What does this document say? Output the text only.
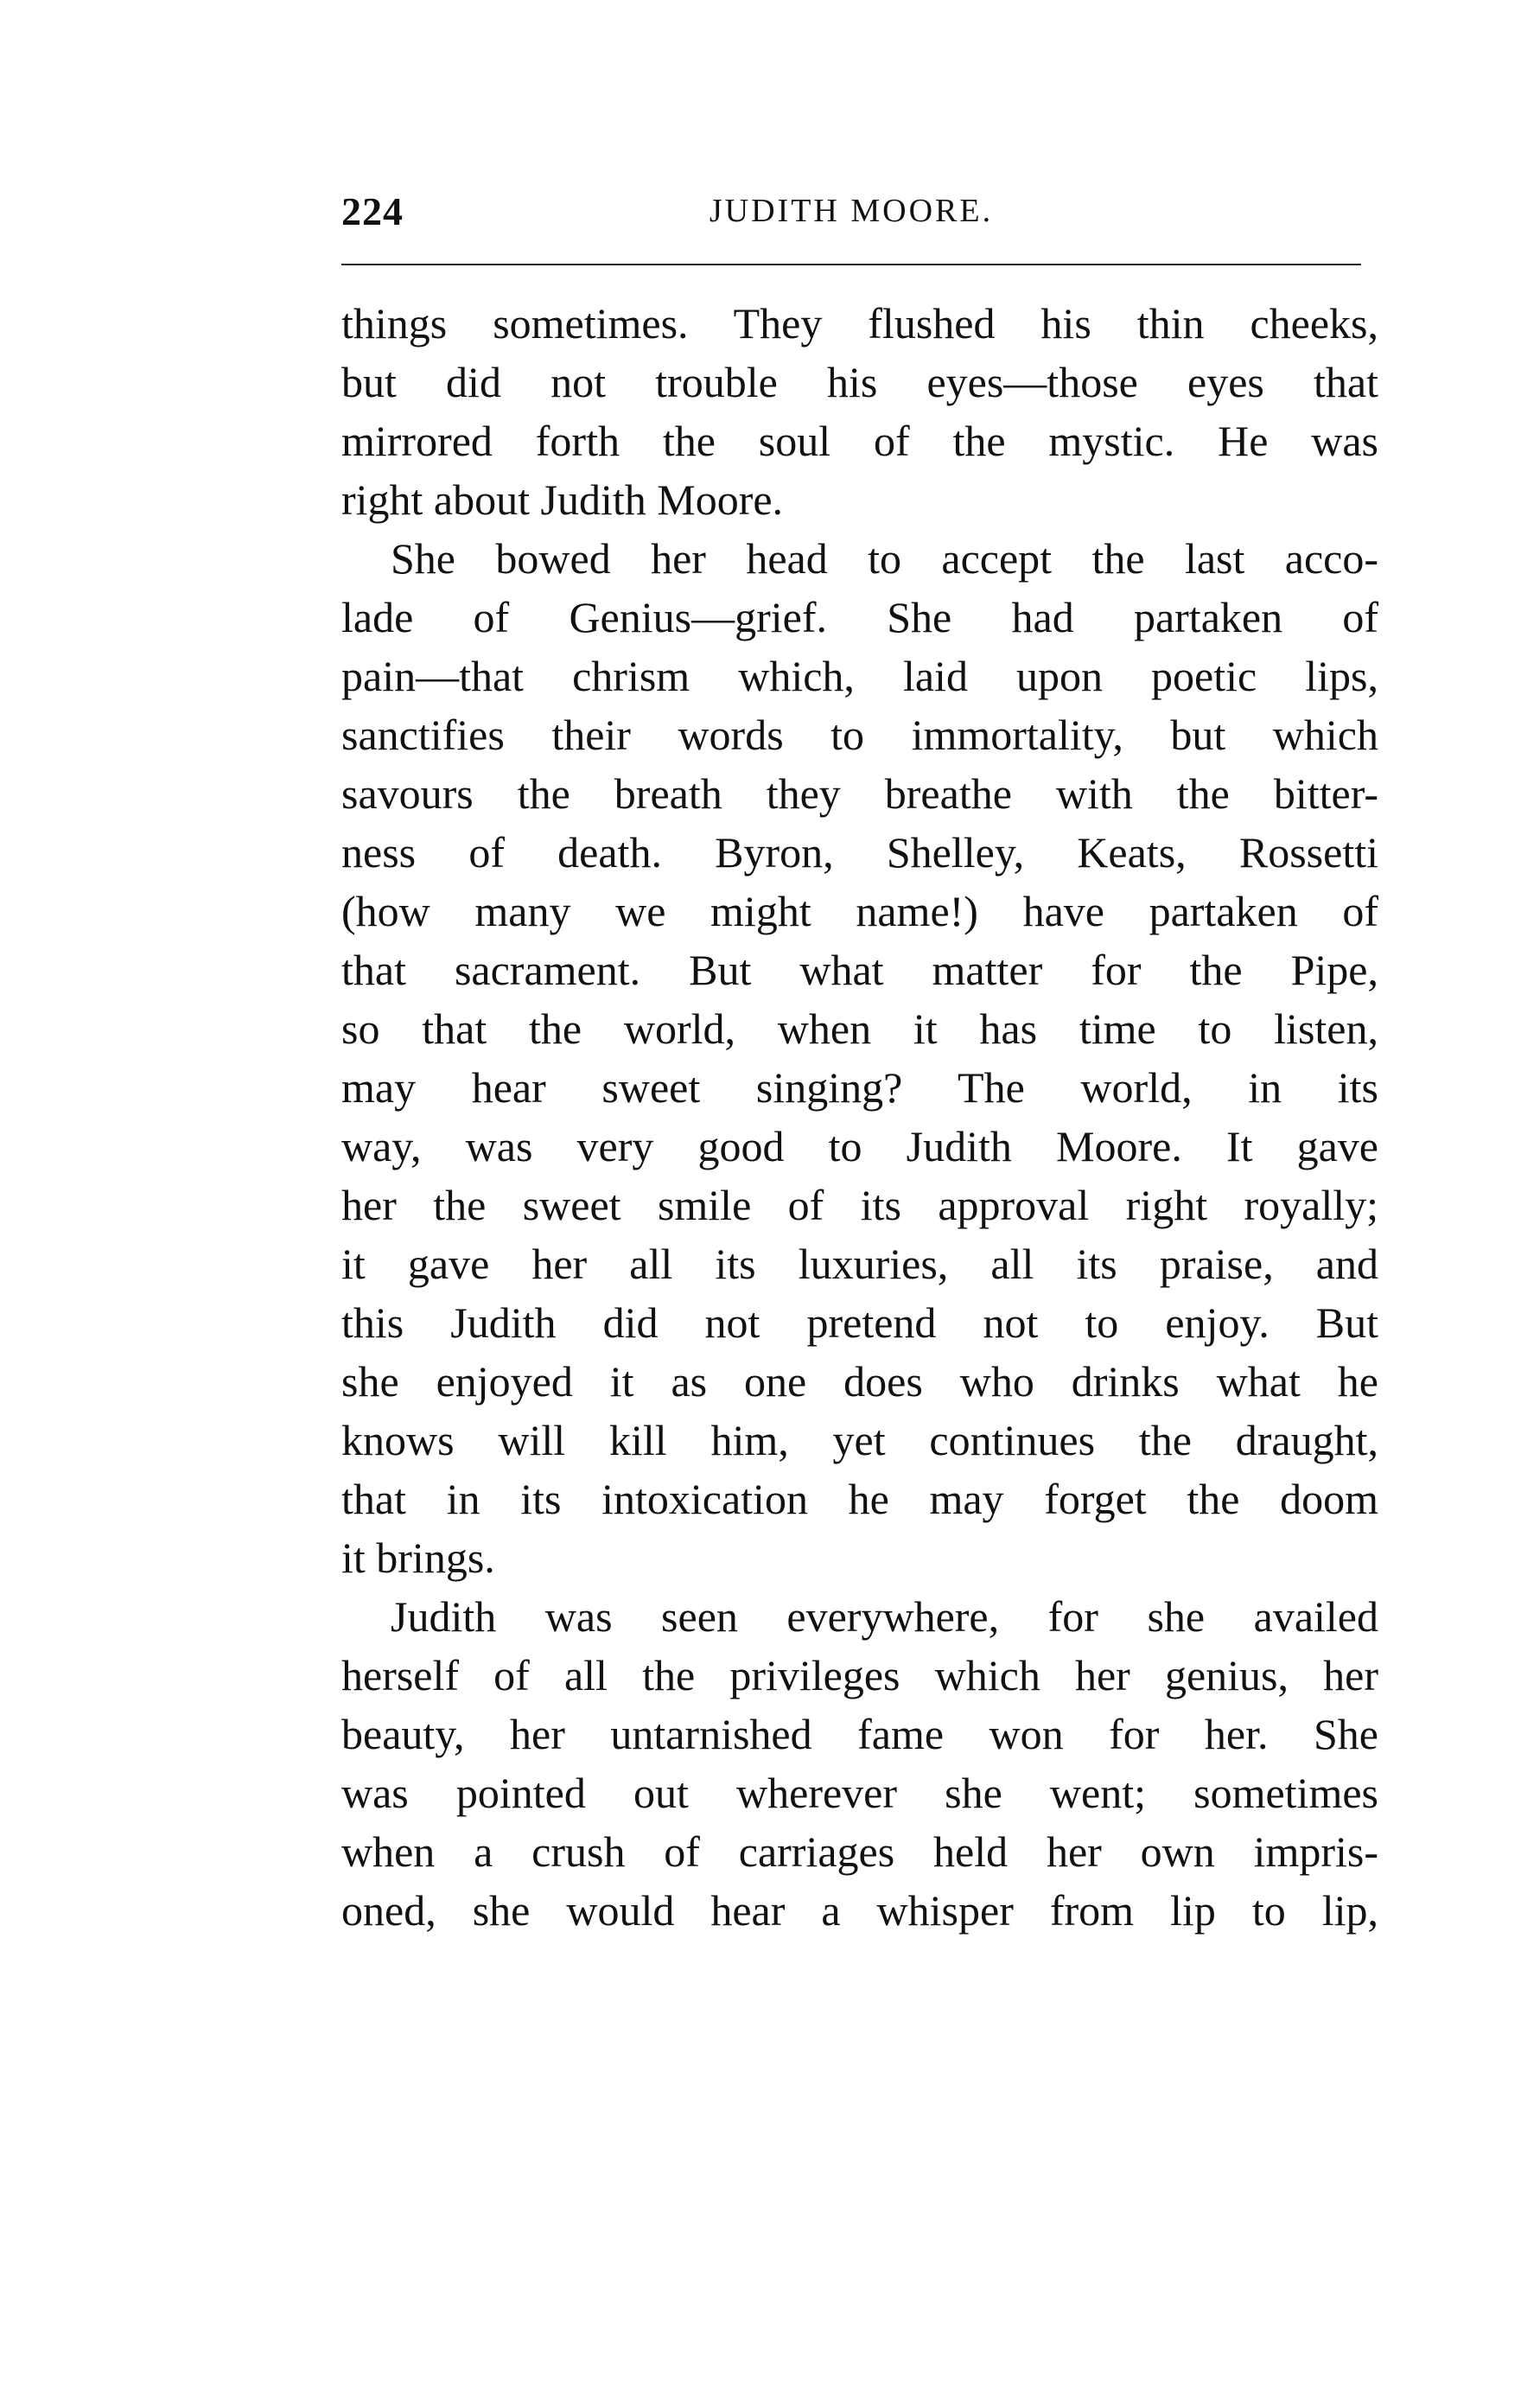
224	JUDITH MOORE.
things sometimes. They flushed his thin cheeks,
but did not trouble his eyes—those eyes that
mirrored forth the soul of the mystic. He was
right about Judith Moore.
She bowed her head to accept the last acco-
lade of Genius—grief. She had partaken of
pain—that chrism which, laid upon poetic lips,
sanctifies their words to immortality, but which
savours the breath they breathe with the bitter-
ness of death. Byron, Shelley, Keats, Rossetti
(how many we might name!) have partaken of
that sacrament. But what matter for the Pipe,
so that the world, when it has time to listen,
may hear sweet singing? The world, in its
way, was very good to Judith Moore. It gave
her the sweet smile of its approval right royally;
it gave her all its luxuries, all its praise, and
this Judith did not pretend not to enjoy. But
she enjoyed it as one does who drinks what he
knows will kill him, yet continues the draught,
that in its intoxication he may forget the doom
it brings.
Judith was seen everywhere, for she availed
herself of all the privileges which her genius, her
beauty, her untarnished fame won for her. She
was pointed out wherever she went; sometimes
when a crush of carriages held her own impris-
oned, she would hear a whisper from lip to lip,
